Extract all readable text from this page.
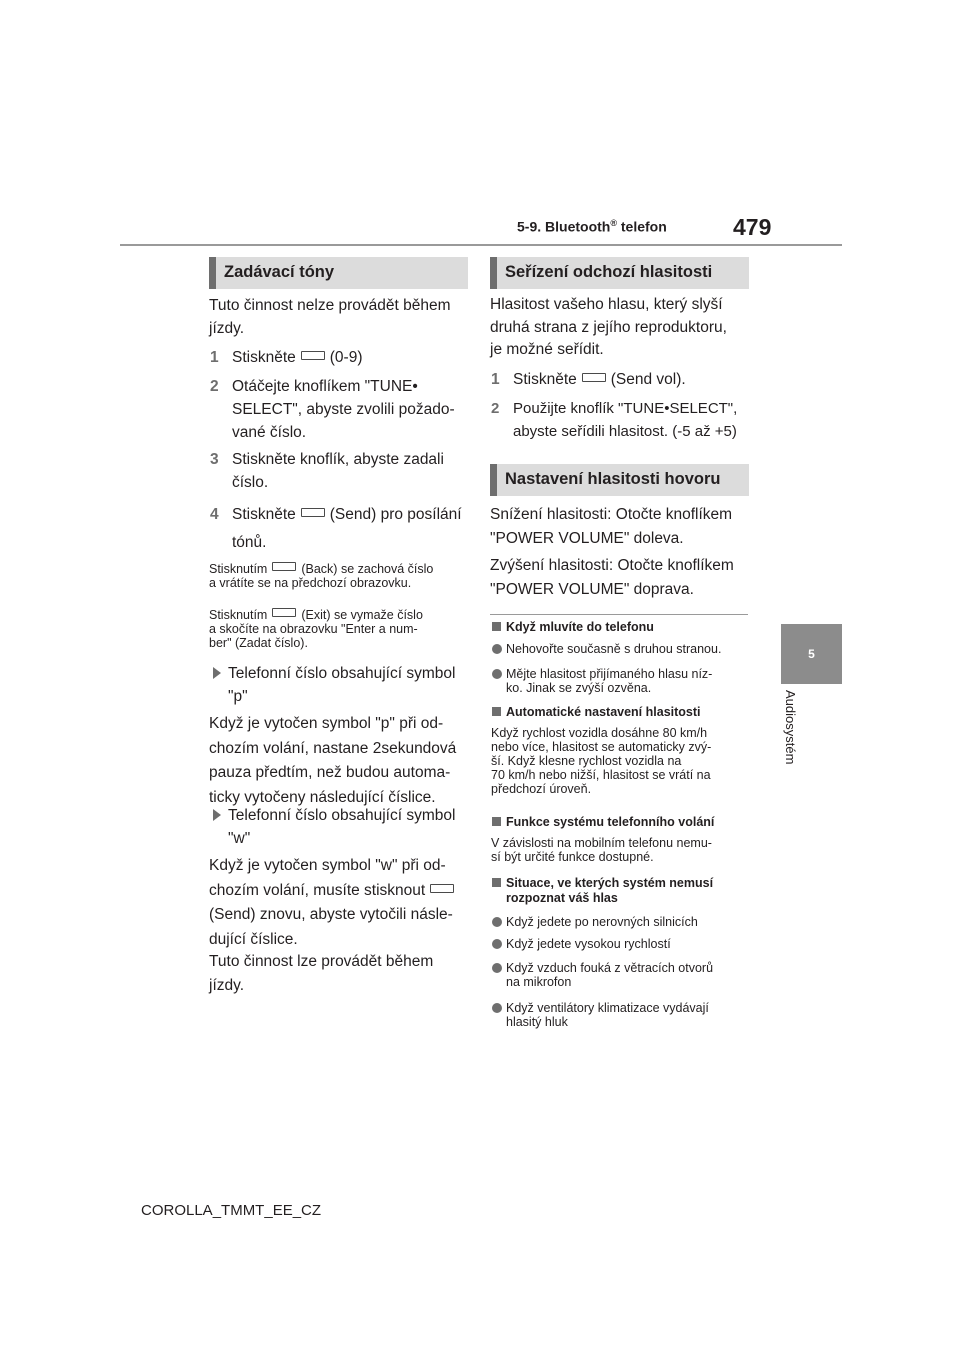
5-9. Bluetooth® telefon	479
5
Audiosystém
Zadávací tóny
Tuto činnost nelze provádět během
jízdy.
1 Stiskněte (0-9)
2 Otáčejte knoflíkem "TUNE•
SELECT", abyste zvolili požado-
vané číslo.
3 Stiskněte knoflík, abyste zadali
číslo.
4 Stiskněte (Send) pro posílání
tónů.
Stisknutím	(Back) se zachová číslo
a vrátíte se na předchozí obrazovku.
Stisknutím	(Exit) se vymaže číslo
a skočíte na obrazovku "Enter a num-
ber" (Zadat číslo).
Telefonní číslo obsahující symbol
"p"
Když je vytočen symbol "p" při od-
chozím volání, nastane 2sekundová
pauza předtím, než budou automa-
ticky vytočeny následující číslice.
Telefonní číslo obsahující symbol
"w"
Když je vytočen symbol "w" při od-
chozím volání, musíte stisknout
(Send) znovu, abyste vytočili násle-
dující číslice.
Tuto činnost lze provádět během
jízdy.
Seřízení odchozí hlasitosti
Hlasitost vašeho hlasu, který slyší
druhá strana z jejího reproduktoru,
je možné seřídit.
1 Stiskněte (Send vol).
2 Použijte knoflík "TUNE•SELECT",
abyste seřídili hlasitost. (-5 až +5)
Nastavení hlasitosti hovoru
Snížení hlasitosti: Otočte knoflíkem
"POWER VOLUME" doleva.
Zvýšení hlasitosti: Otočte knoflíkem
"POWER VOLUME" doprava.
Když mluvíte do telefonu
Nehovořte současně s druhou stranou.
Mějte hlasitost přijímaného hlasu níz-
ko. Jinak se zvýší ozvěna.
Automatické nastavení hlasitosti
Když rychlost vozidla dosáhne 80 km/h
nebo více, hlasitost se automaticky zvý-
ší. Když klesne rychlost vozidla na
70 km/h nebo nižší, hlasitost se vrátí na
předchozí úroveň.
Funkce systému telefonního volání
V závislosti na mobilním telefonu nemu-
sí být určité funkce dostupné.
Situace, ve kterých systém nemusí
rozpoznat váš hlas
Když jedete po nerovných silnicích
Když jedete vysokou rychlostí
Když vzduch fouká z větracích otvorů
na mikrofon
Když ventilátory klimatizace vydávají
hlasitý hluk
COROLLA_TMMT_EE_CZ
